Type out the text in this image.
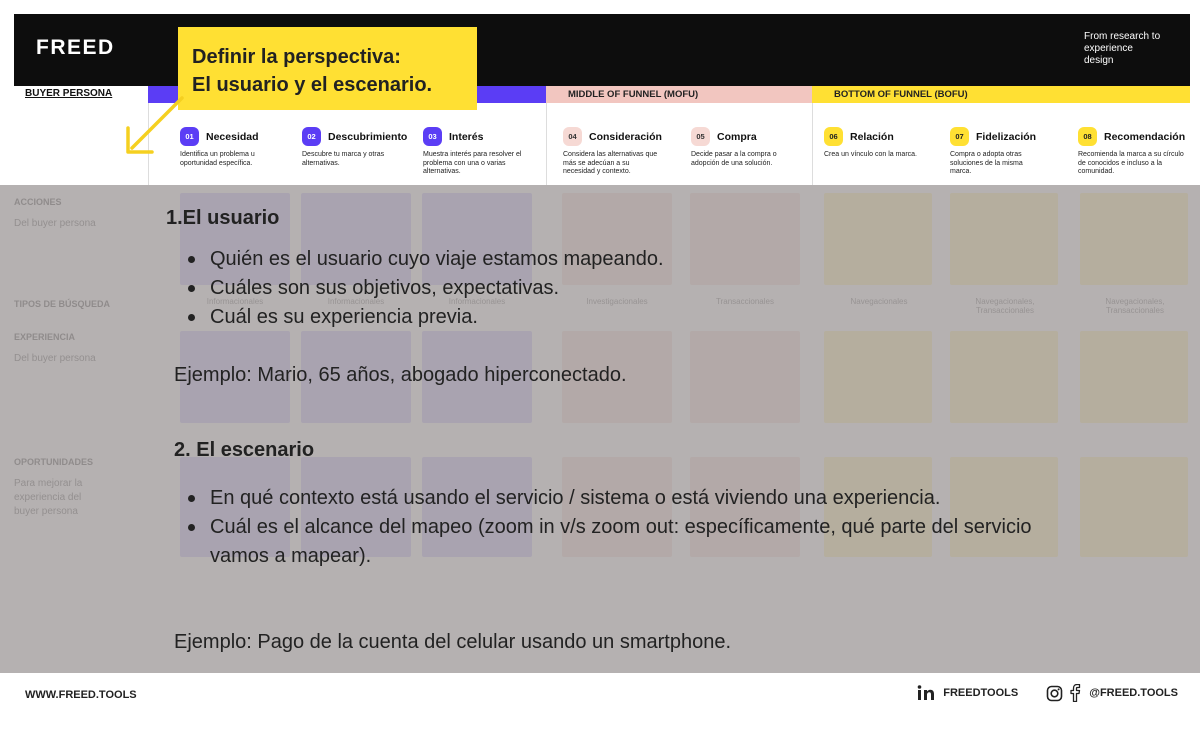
FREED	From research to experience design
BUYER PERSONA	MIDDLE OF FUNNEL (MOFU)	BOTTOM OF FUNNEL (BOFU)
01	Necesidad
Identifica un problema u oportunidad específica.
02	Descubrimiento
Descubre tu marca y otras alternativas.
03	Interés
Muestra interés para resolver el problema con una o varias alternativas.
04	Consideración
Considera las alternativas que más se adecúan a su necesidad y contexto.
05	Compra
Decide pasar a la compra o adopción de una solución.
06	Relación
Crea un vínculo con la marca.
07	Fidelización
Compra o adopta otras soluciones de la misma marca.
08	Recomendación
Recomienda la marca a su círculo de conocidos e incluso a la comunidad.
1.El usuario
Quién es el usuario cuyo viaje estamos mapeando.
Cuáles son sus objetivos, expectativas.
Cuál es su experiencia previa.
Ejemplo: Mario, 65 años, abogado hiperconectado.
2. El escenario
En qué contexto está usando el servicio / sistema o está viviendo una experiencia.
Cuál es el alcance del mapeo (zoom in v/s zoom out: específicamente, qué parte del servicio vamos a mapear).
Ejemplo: Pago de la cuenta del celular usando un smartphone.
Definir la perspectiva:
El usuario y el escenario.
WWW.FREED.TOOLS	FREEDTOOLS	@FREED.TOOLS
